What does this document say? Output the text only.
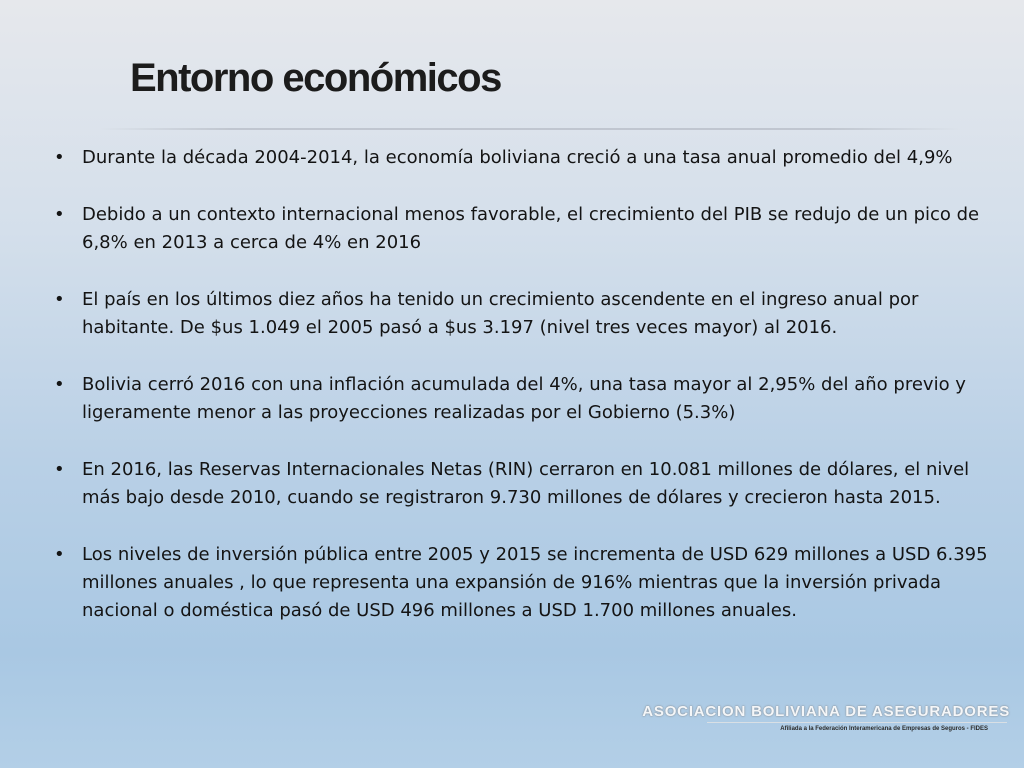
Entorno económicos
• Durante la década 2004-2014, la economía boliviana creció a una tasa anual promedio del 4,9%
• Debido a un contexto internacional menos favorable, el crecimiento del PIB se redujo de un pico de 6,8% en 2013 a cerca de 4% en 2016
• El país en los últimos diez años ha tenido un crecimiento ascendente en el ingreso anual por habitante. De $us 1.049 el 2005 pasó a $us 3.197 (nivel tres veces mayor) al 2016.
• Bolivia cerró 2016 con una inflación acumulada del 4%, una tasa mayor al 2,95% del año previo y ligeramente menor a las proyecciones realizadas por el Gobierno (5.3%)
• En 2016, las Reservas Internacionales Netas (RIN) cerraron en 10.081 millones de dólares, el nivel más bajo desde 2010, cuando se registraron 9.730 millones de dólares y crecieron hasta 2015.
• Los niveles de inversión pública entre 2005 y 2015 se incrementa de USD 629 millones a USD 6.395 millones anuales , lo que representa una expansión de 916% mientras que la inversión privada nacional o doméstica pasó de USD 496 millones a USD 1.700 millones anuales.
ASOCIACION BOLIVIANA DE ASEGURADORES
Afiliada a la Federación Interamericana de Empresas de Seguros - FIDES
